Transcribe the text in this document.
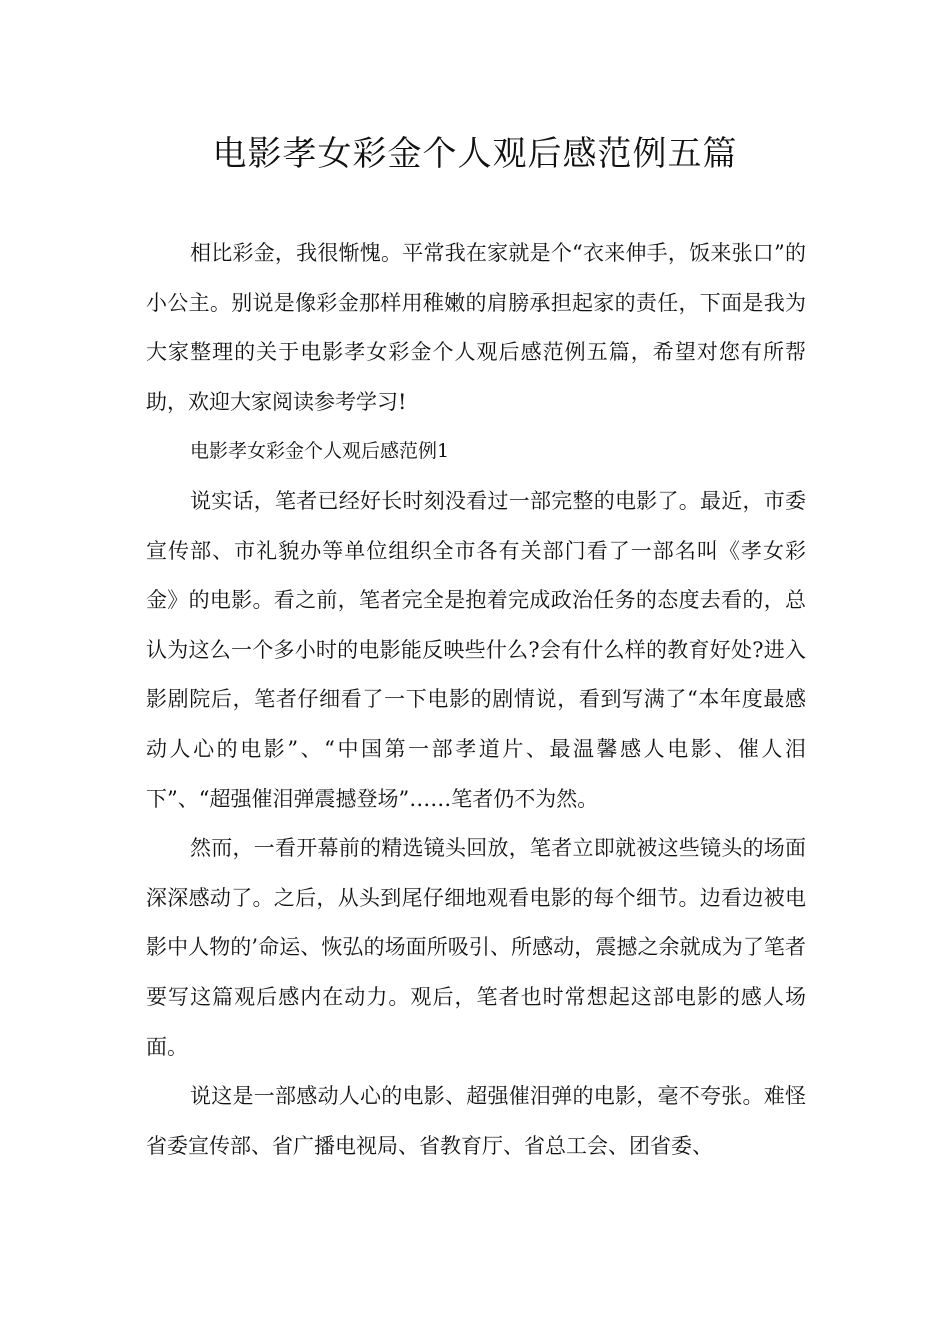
电影孝女彩金个人观后感范例五篇

相比彩金，我很惭愧。平常我在家就是个“衣来伸手，饭来张口”的小公主。别说是像彩金那样用稚嫩的肩膀承担起家的责任，下面是我为大家整理的关于电影孝女彩金个人观后感范例五篇，希望对您有所帮助，欢迎大家阅读参考学习!

电影孝女彩金个人观后感范例1

说实话，笔者已经好长时刻没看过一部完整的电影了。最近，市委宣传部、市礼貌办等单位组织全市各有关部门看了一部名叫《孝女彩金》的电影。看之前，笔者完全是抱着完成政治任务的态度去看的，总认为这么一个多小时的电影能反映些什么?会有什么样的教育好处?进入影剧院后，笔者仔细看了一下电影的剧情说，看到写满了“本年度最感动人心的电影”、“中国第一部孝道片、最温馨感人电影、催人泪下”、“超强催泪弹震撼登场”……笔者仍不为然。

然而，一看开幕前的精选镜头回放，笔者立即就被这些镜头的场面深深感动了。之后，从头到尾仔细地观看电影的每个细节。边看边被电影中人物的’命运、恢弘的场面所吸引、所感动，震撼之余就成为了笔者要写这篇观后感内在动力。观后，笔者也时常想起这部电影的感人场面。

说这是一部感动人心的电影、超强催泪弹的电影，毫不夸张。难怪省委宣传部、省广播电视局、省教育厅、省总工会、团省委、
